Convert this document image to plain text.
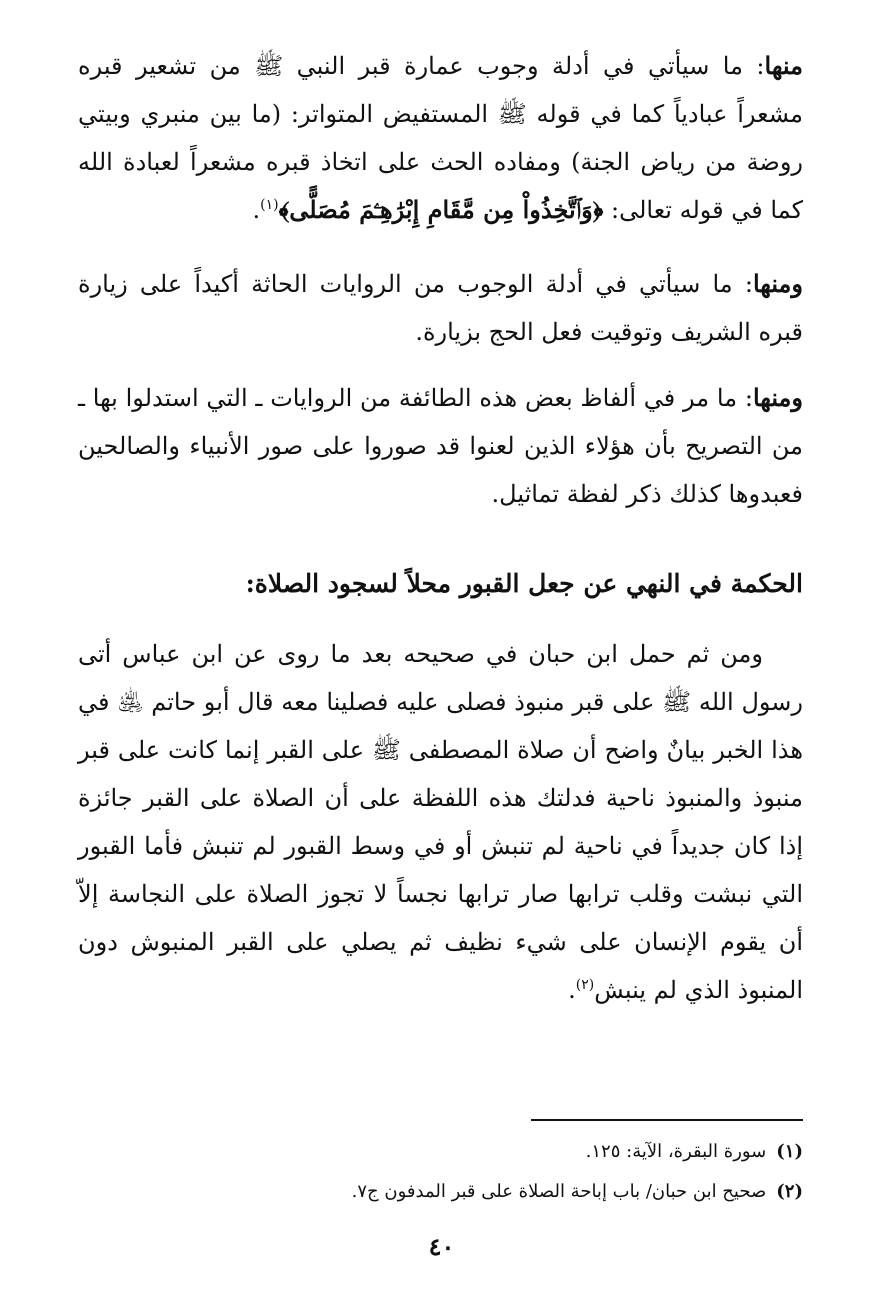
منها: ما سيأتي في أدلة وجوب عمارة قبر النبي ﷺ من تشعير قبره مشعراً عبادياً كما في قوله ﷺ المستفيض المتواتر: (ما بين منبري وبيتي روضة من رياض الجنة) ومفاده الحث على اتخاذ قبره مشعراً لعبادة الله كما في قوله تعالى: ﴿وَٱتَّخِذُواْ مِن مَّقَامِ إِبْرَٰهِـۧمَ مُصَلًّى﴾$^{(١)}$.

ومنها: ما سيأتي في أدلة الوجوب من الروايات الحاثة أكيداً على زيارة قبره الشريف وتوقيت فعل الحج بزيارة.

ومنها: ما مر في ألفاظ بعض هذه الطائفة من الروايات ـ التي استدلوا بها ـ من التصريح بأن هؤلاء الذين لعنوا قد صوروا على صور الأنبياء والصالحين فعبدوها كذلك ذكر لفظة تماثيل.

الحكمة في النهي عن جعل القبور محلاً لسجود الصلاة:

ومن ثم حمل ابن حبان في صحيحه بعد ما روى عن ابن عباس أتى رسول الله ﷺ على قبر منبوذ فصلى عليه فصلينا معه قال أبو حاتم ﵁ في هذا الخبر بيانٌ واضح أن صلاة المصطفى ﷺ على القبر إنما كانت على قبر منبوذ والمنبوذ ناحية فدلتك هذه اللفظة على أن الصلاة على القبر جائزة إذا كان جديداً في ناحية لم تنبش أو في وسط القبور لم تنبش فأما القبور التي نبشت وقلب ترابها صار ترابها نجساً لا تجوز الصلاة على النجاسة إلاّ أن يقوم الإنسان على شيء نظيف ثم يصلي على القبر المنبوش دون المنبوذ الذي لم ينبش$^{(٢)}$.

(١)سورة البقرة، الآية: ١٢٥.
(٢)صحيح ابن حبان/ باب إباحة الصلاة على قبر المدفون ج٧.
٤٠
